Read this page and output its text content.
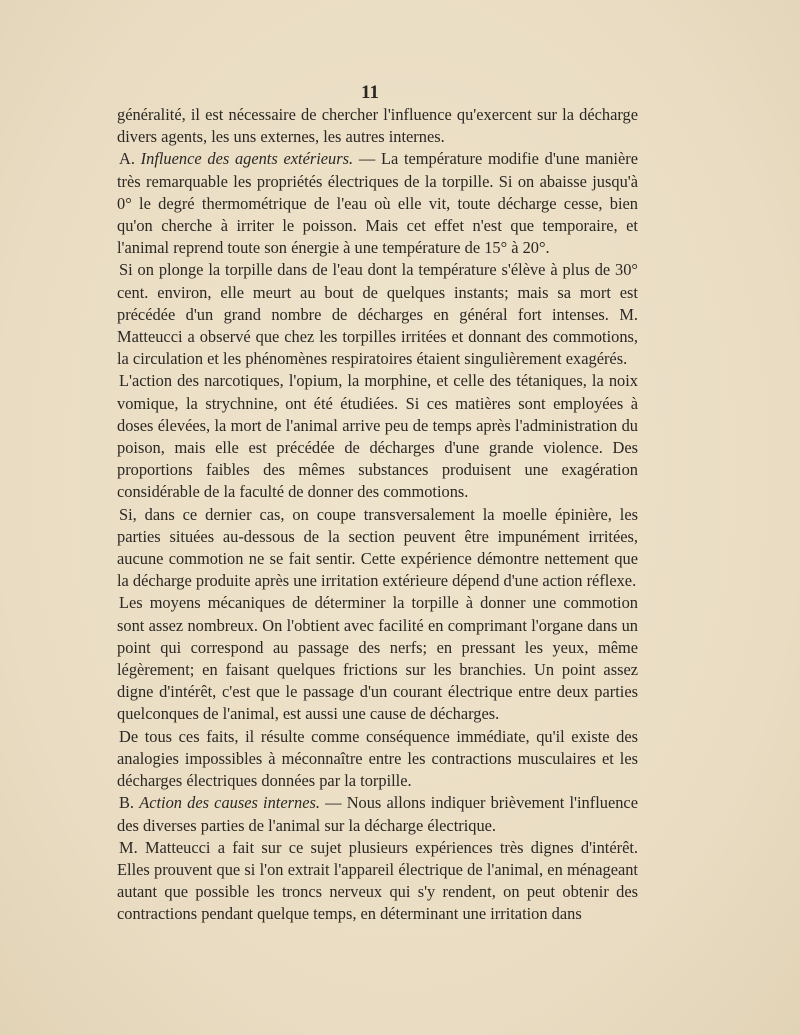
11

généralité, il est nécessaire de chercher l'influence qu'exercent sur la décharge divers agents, les uns externes, les autres internes.

A. Influence des agents extérieurs. — La température modifie d'une manière très remarquable les propriétés électriques de la torpille. Si on abaisse jusqu'à 0° le degré thermométrique de l'eau où elle vit, toute décharge cesse, bien qu'on cherche à irriter le poisson. Mais cet effet n'est que temporaire, et l'animal reprend toute son énergie à une température de 15° à 20°.

Si on plonge la torpille dans de l'eau dont la température s'élève à plus de 30° cent. environ, elle meurt au bout de quelques instants; mais sa mort est précédée d'un grand nombre de décharges en général fort intenses. M. Matteucci a observé que chez les torpilles irritées et donnant des commotions, la circulation et les phénomènes respiratoires étaient singulièrement exagérés.

L'action des narcotiques, l'opium, la morphine, et celle des tétaniques, la noix vomique, la strychnine, ont été étudiées. Si ces matières sont employées à doses élevées, la mort de l'animal arrive peu de temps après l'administration du poison, mais elle est précédée de décharges d'une grande violence. Des proportions faibles des mêmes substances produisent une exagération considérable de la faculté de donner des commotions.

Si, dans ce dernier cas, on coupe transversalement la moelle épinière, les parties situées au-dessous de la section peuvent être impunément irritées, aucune commotion ne se fait sentir. Cette expérience démontre nettement que la décharge produite après une irritation extérieure dépend d'une action réflexe.

Les moyens mécaniques de déterminer la torpille à donner une commotion sont assez nombreux. On l'obtient avec facilité en comprimant l'organe dans un point qui correspond au passage des nerfs; en pressant les yeux, même légèrement; en faisant quelques frictions sur les branchies. Un point assez digne d'intérêt, c'est que le passage d'un courant électrique entre deux parties quelconques de l'animal, est aussi une cause de décharges.

De tous ces faits, il résulte comme conséquence immédiate, qu'il existe des analogies impossibles à méconnaître entre les contractions musculaires et les décharges électriques données par la torpille.

B. Action des causes internes. — Nous allons indiquer brièvement l'influence des diverses parties de l'animal sur la décharge électrique.

M. Matteucci a fait sur ce sujet plusieurs expériences très dignes d'intérêt. Elles prouvent que si l'on extrait l'appareil électrique de l'animal, en ménageant autant que possible les troncs nerveux qui s'y rendent, on peut obtenir des contractions pendant quelque temps, en déterminant une irritation dans
